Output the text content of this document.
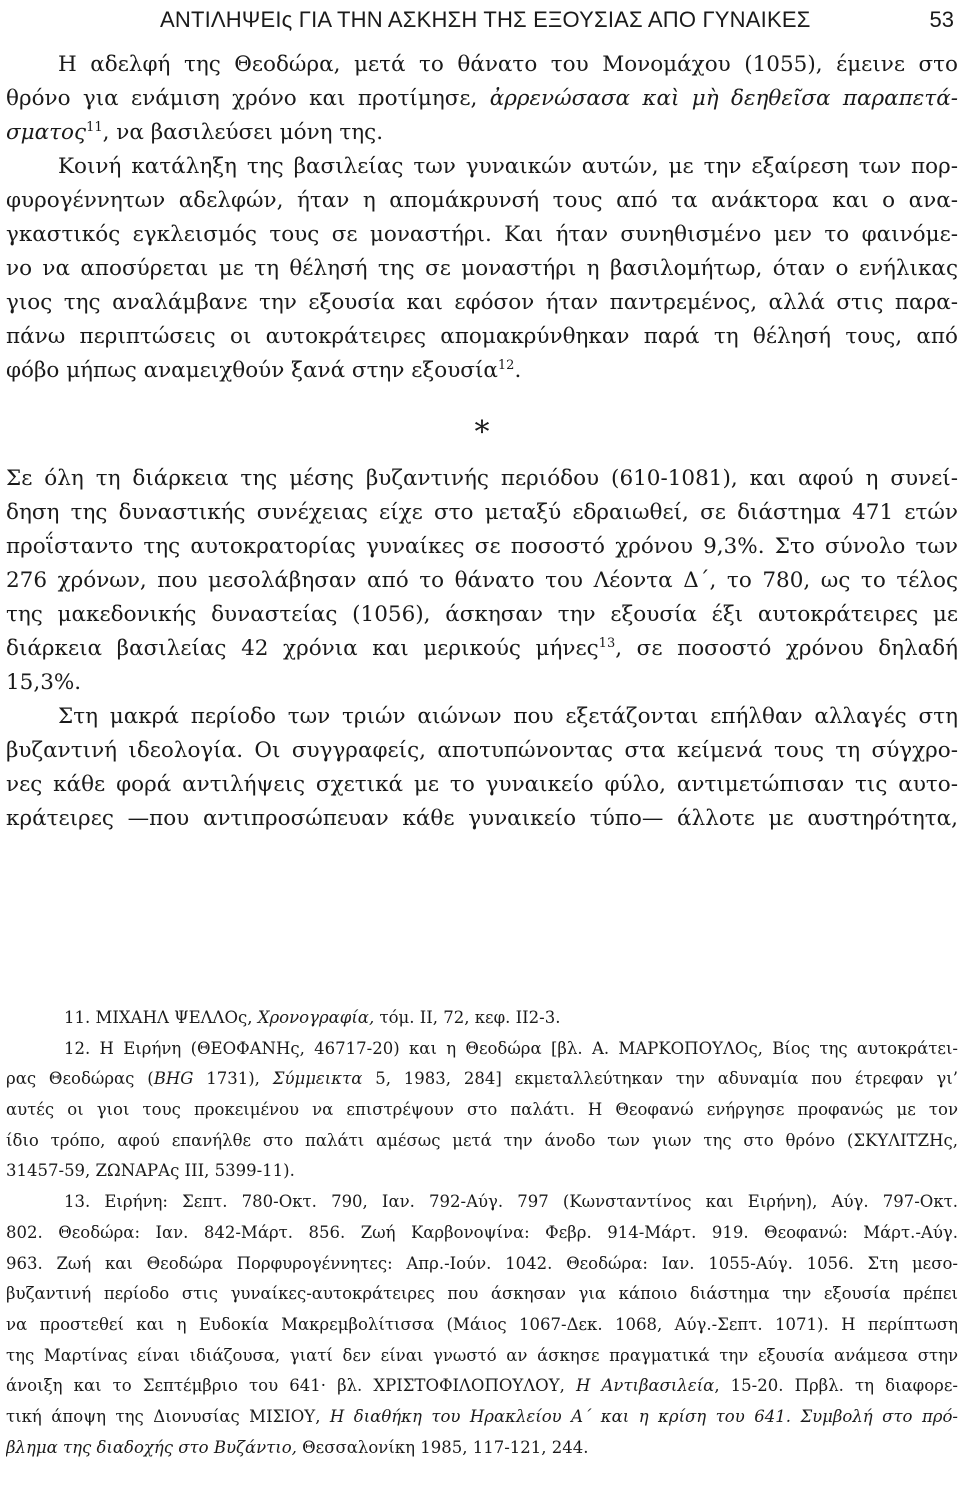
ΑΝΤΙΛΗΨΕΙς ΓΙΑ ΤΗΝ ΑΣΚΗΣΗ ΤΗΣ ΕΞΟΥΣΙΑΣ ΑΠΟ ΓΥΝΑΙΚΕΣ	53
Η αδελφή της Θεοδώρα, μετά το θάνατο του Μονομάχου (1055), έμεινε στο
θρόνο για ενάμιση χρόνο και προτίμησε, ἀρρενώσασα καὶ μὴ δεηθεῖσα παραπετά-
σματος$^{11}$, να βασιλεύσει μόνη της.
Κοινή κατάληξη της βασιλείας των γυναικών αυτών, με την εξαίρεση των πορ-
φυρογέννητων αδελφών, ήταν η απομάκρυνσή τους από τα ανάκτορα και ο ανα-
γκαστικός εγκλεισμός τους σε μοναστήρι. Και ήταν συνηθισμένο μεν το φαινόμε-
νο να αποσύρεται με τη θέλησή της σε μοναστήρι η βασιλομήτωρ, όταν ο ενήλικας
γιος της αναλάμβανε την εξουσία και εφόσον ήταν παντρεμένος, αλλά στις παρα-
πάνω περιπτώσεις οι αυτοκράτειρες απομακρύνθηκαν παρά τη θέλησή τους, από
φόβο μήπως αναμειχθούν ξανά στην εξουσία$^{12}$.
*
Σε όλη τη διάρκεια της μέσης βυζαντινής περιόδου (610-1081), και αφού η συνεί-
δηση της δυναστικής συνέχειας είχε στο μεταξύ εδραιωθεί, σε διάστημα 471 ετών
προΐσταντο της αυτοκρατορίας γυναίκες σε ποσοστό χρόνου 9,3%. Στο σύνολο των
276 χρόνων, που μεσολάβησαν από το θάνατο του Λέοντα Δ΄, το 780, ως το τέλος
της μακεδονικής δυναστείας (1056), άσκησαν την εξουσία έξι αυτοκράτειρες με
διάρκεια βασιλείας 42 χρόνια και μερικούς μήνες$^{13}$, σε ποσοστό χρόνου δηλαδή
15,3%.
Στη μακρά περίοδο των τριών αιώνων που εξετάζονται επήλθαν αλλαγές στη
βυζαντινή ιδεολογία. Οι συγγραφείς, αποτυπώνοντας στα κείμενά τους τη σύγχρο-
νες κάθε φορά αντιλήψεις σχετικά με το γυναικείο φύλο, αντιμετώπισαν τις αυτο-
κράτειρες —που αντιπροσώπευαν κάθε γυναικείο τύπο— άλλοτε με αυστηρότητα,
11. ΜΙΧΑΗΛ ΨΕΛΛΟς, Χρονογραφία, τόμ. II, 72, κεφ. II2-3.
12. Η Ειρήνη (ΘΕΟΦΑΝΗς, 46717-20) και η Θεοδώρα [βλ. Α. ΜΑΡΚΟΠΟΥΛΟς, Βίος της αυτοκράτει-
ρας Θεοδώρας (BHG 1731), Σύμμεικτα 5, 1983, 284] εκμεταλλεύτηκαν την αδυναμία που έτρεφαν γι’
αυτές οι γιοι τους προκειμένου να επιστρέψουν στο παλάτι. Η Θεοφανώ ενήργησε προφανώς με τον
ίδιο τρόπο, αφού επανήλθε στο παλάτι αμέσως μετά την άνοδο των γιων της στο θρόνο (ΣΚΥΛΙΤΖΗς,
31457-59, ΖΩΝΑΡΑς III, 5399-11).
13. Ειρήνη: Σεπτ. 780-Οκτ. 790, Ιαν. 792-Αύγ. 797 (Κωνσταντίνος και Ειρήνη), Αύγ. 797-Οκτ.
802. Θεοδώρα: Ιαν. 842-Μάρτ. 856. Ζωή Καρβονοψίνα: Φεβρ. 914-Μάρτ. 919. Θεοφανώ: Μάρτ.-Αύγ.
963. Ζωή και Θεοδώρα Πορφυρογέννητες: Απρ.-Ιούν. 1042. Θεοδώρα: Ιαν. 1055-Αύγ. 1056. Στη μεσο-
βυζαντινή περίοδο στις γυναίκες-αυτοκράτειρες που άσκησαν για κάποιο διάστημα την εξουσία πρέπει
να προστεθεί και η Ευδοκία Μακρεμβολίτισσα (Μάιος 1067-Δεκ. 1068, Αύγ.-Σεπτ. 1071). Η περίπτωση
της Μαρτίνας είναι ιδιάζουσα, γιατί δεν είναι γνωστό αν άσκησε πραγματικά την εξουσία ανάμεσα στην
άνοιξη και το Σεπτέμβριο του 641· βλ. ΧΡΙΣΤΟΦΙΛΟΠΟΥΛΟΥ, Η Αντιβασιλεία, 15-20. Πρβλ. τη διαφορε-
τική άποψη της Διονυσίας ΜΙΣΙΟΥ, Η διαθήκη του Ηρακλείου Α΄ και η κρίση του 641. Συμβολή στο πρό-
βλημα της διαδοχής στο Βυζάντιο, Θεσσαλονίκη 1985, 117-121, 244.
